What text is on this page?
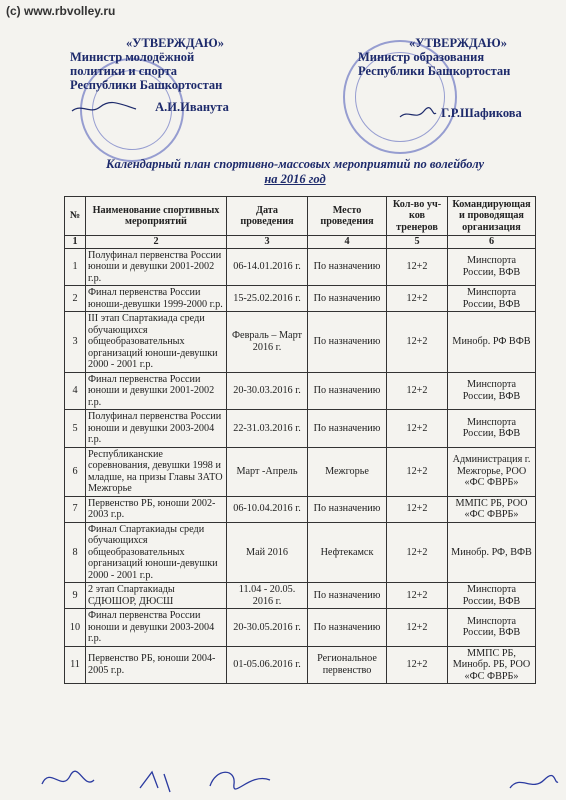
(c) www.rbvolley.ru
«УТВЕРЖДАЮ»
Министр молодёжной
политики и спорта
Республики Башкортостан
А.И.Иванута
«УТВЕРЖДАЮ»
Министр образования
Республики Башкортостан
Г.Р.Шафикова
Календарный план спортивно-массовых мероприятий по волейболу
на 2016 год
№	Наименование спортивных мероприятий	Дата проведения	Место проведения	Кол-во уч-ков тренеров	Командирующая и проводящая организация
1	2	3	4	5	6
1	Полуфинал первенства России юноши и девушки 2001-2002 г.р.	06-14.01.2016 г.	По назначению	12+2	Минспорта России, ВФВ
2	Финал первенства России юноши-девушки 1999-2000 г.р.	15-25.02.2016 г.	По назначению	12+2	Минспорта России, ВФВ
3	III этап Спартакиада среди обучающихся общеобразовательных организаций юноши-девушки 2000 - 2001 г.р.	Февраль – Март 2016 г.	По назначению	12+2	Минобр. РФ ВФВ
4	Финал первенства России юноши и девушки 2001-2002 г.р.	20-30.03.2016 г.	По назначению	12+2	Минспорта России, ВФВ
5	Полуфинал первенства России юноши и девушки 2003-2004 г.р.	22-31.03.2016 г.	По назначению	12+2	Минспорта России, ВФВ
6	Республиканские соревнования, девушки 1998 и младше, на призы Главы ЗАТО Межгорье	Март -Апрель	Межгорье	12+2	Администрация г. Межгорье, РОО «ФС ФВРБ»
7	Первенство РБ, юноши 2002-2003 г.р.	06-10.04.2016 г.	По назначению	12+2	ММПС РБ, РОО «ФС ФВРБ»
8	Финал Спартакиады среди обучающихся общеобразовательных организаций юноши-девушки 2000 - 2001 г.р.	Май 2016	Нефтекамск	12+2	Минобр. РФ, ВФВ
9	2 этап Спартакиады СДЮШОР, ДЮСШ	11.04 - 20.05. 2016 г.	По назначению	12+2	Минспорта России, ВФВ
10	Финал первенства России юноши и девушки 2003-2004 г.р.	20-30.05.2016 г.	По назначению	12+2	Минспорта России, ВФВ
11	Первенство РБ, юноши 2004-2005 г.р.	01-05.06.2016 г.	Региональное первенство	12+2	ММПС РБ, Минобр. РБ, РОО «ФС ФВРБ»
